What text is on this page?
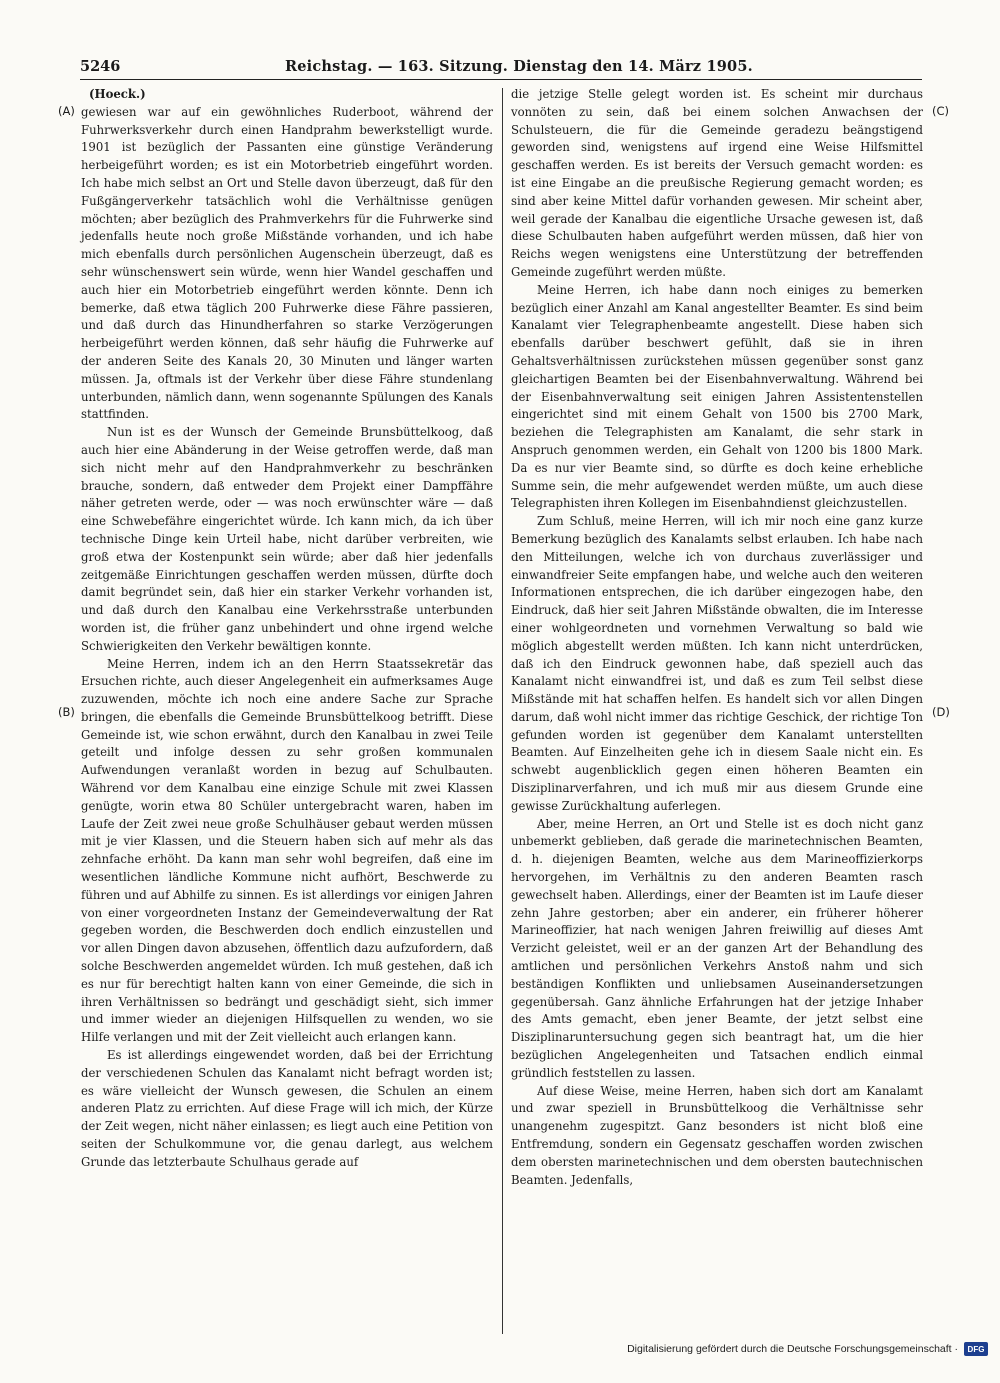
5246	Reichstag. — 163. Sitzung. Dienstag den 14. März 1905.
(A)
(B)
(C)
(D)
(Hoeck.)

gewiesen war auf ein gewöhnliches Ruderboot, während der Fuhrwerksverkehr durch einen Handprahm bewerkstelligt wurde. 1901 ist bezüglich der Passanten eine günstige Veränderung herbeigeführt worden; es ist ein Motorbetrieb eingeführt worden. Ich habe mich selbst an Ort und Stelle davon überzeugt, daß für den Fußgängerverkehr tatsächlich wohl die Verhältnisse genügen möchten; aber bezüglich des Prahmverkehrs für die Fuhrwerke sind jedenfalls heute noch große Mißstände vorhanden, und ich habe mich ebenfalls durch persönlichen Augenschein überzeugt, daß es sehr wünschenswert sein würde, wenn hier Wandel geschaffen und auch hier ein Motorbetrieb eingeführt werden könnte. Denn ich bemerke, daß etwa täglich 200 Fuhrwerke diese Fähre passieren, und daß durch das Hinundherfahren so starke Verzögerungen herbeigeführt werden können, daß sehr häufig die Fuhrwerke auf der anderen Seite des Kanals 20, 30 Minuten und länger warten müssen. Ja, oftmals ist der Verkehr über diese Fähre stundenlang unterbunden, nämlich dann, wenn sogenannte Spülungen des Kanals stattfinden.

Nun ist es der Wunsch der Gemeinde Brunsbüttelkoog, daß auch hier eine Abänderung in der Weise getroffen werde, daß man sich nicht mehr auf den Handprahmverkehr zu beschränken brauche, sondern, daß entweder dem Projekt einer Dampffähre näher getreten werde, oder — was noch erwünschter wäre — daß eine Schwebefähre eingerichtet würde. Ich kann mich, da ich über technische Dinge kein Urteil habe, nicht darüber verbreiten, wie groß etwa der Kostenpunkt sein würde; aber daß hier jedenfalls zeitgemäße Einrichtungen geschaffen werden müssen, dürfte doch damit begründet sein, daß hier ein starker Verkehr vorhanden ist, und daß durch den Kanalbau eine Verkehrsstraße unterbunden worden ist, die früher ganz unbehindert und ohne irgend welche Schwierigkeiten den Verkehr bewältigen konnte.

Meine Herren, indem ich an den Herrn Staatssekretär das Ersuchen richte, auch dieser Angelegenheit ein aufmerksames Auge zuzuwenden, möchte ich noch eine andere Sache zur Sprache bringen, die ebenfalls die Gemeinde Brunsbüttelkoog betrifft. Diese Gemeinde ist, wie schon erwähnt, durch den Kanalbau in zwei Teile geteilt und infolge dessen zu sehr großen kommunalen Aufwendungen veranlaßt worden in bezug auf Schulbauten. Während vor dem Kanalbau eine einzige Schule mit zwei Klassen genügte, worin etwa 80 Schüler untergebracht waren, haben im Laufe der Zeit zwei neue große Schulhäuser gebaut werden müssen mit je vier Klassen, und die Steuern haben sich auf mehr als das zehnfache erhöht. Da kann man sehr wohl begreifen, daß eine im wesentlichen ländliche Kommune nicht aufhört, Beschwerde zu führen und auf Abhilfe zu sinnen. Es ist allerdings vor einigen Jahren von einer vorgeordneten Instanz der Gemeindeverwaltung der Rat gegeben worden, die Beschwerden doch endlich einzustellen und vor allen Dingen davon abzusehen, öffentlich dazu aufzufordern, daß solche Beschwerden angemeldet würden. Ich muß gestehen, daß ich es nur für berechtigt halten kann von einer Gemeinde, die sich in ihren Verhältnissen so bedrängt und geschädigt sieht, sich immer und immer wieder an diejenigen Hilfsquellen zu wenden, wo sie Hilfe verlangen und mit der Zeit vielleicht auch erlangen kann.

Es ist allerdings eingewendet worden, daß bei der Errichtung der verschiedenen Schulen das Kanalamt nicht befragt worden ist; es wäre vielleicht der Wunsch gewesen, die Schulen an einem anderen Platz zu errichten. Auf diese Frage will ich mich, der Kürze der Zeit wegen, nicht näher einlassen; es liegt auch eine Petition von seiten der Schulkommune vor, die genau darlegt, aus welchem Grunde das letzterbaute Schulhaus gerade auf

die jetzige Stelle gelegt worden ist. Es scheint mir durchaus vonnöten zu sein, daß bei einem solchen Anwachsen der Schulsteuern, die für die Gemeinde geradezu beängstigend geworden sind, wenigstens auf irgend eine Weise Hilfsmittel geschaffen werden. Es ist bereits der Versuch gemacht worden: es ist eine Eingabe an die preußische Regierung gemacht worden; es sind aber keine Mittel dafür vorhanden gewesen. Mir scheint aber, weil gerade der Kanalbau die eigentliche Ursache gewesen ist, daß diese Schulbauten haben aufgeführt werden müssen, daß hier von Reichs wegen wenigstens eine Unterstützung der betreffenden Gemeinde zugeführt werden müßte.

Meine Herren, ich habe dann noch einiges zu bemerken bezüglich einer Anzahl am Kanal angestellter Beamter. Es sind beim Kanalamt vier Telegraphenbeamte angestellt. Diese haben sich ebenfalls darüber beschwert gefühlt, daß sie in ihren Gehaltsverhältnissen zurückstehen müssen gegenüber sonst ganz gleichartigen Beamten bei der Eisenbahnverwaltung. Während bei der Eisenbahnverwaltung seit einigen Jahren Assistentenstellen eingerichtet sind mit einem Gehalt von 1500 bis 2700 Mark, beziehen die Telegraphisten am Kanalamt, die sehr stark in Anspruch genommen werden, ein Gehalt von 1200 bis 1800 Mark. Da es nur vier Beamte sind, so dürfte es doch keine erhebliche Summe sein, die mehr aufgewendet werden müßte, um auch diese Telegraphisten ihren Kollegen im Eisenbahndienst gleichzustellen.

Zum Schluß, meine Herren, will ich mir noch eine ganz kurze Bemerkung bezüglich des Kanalamts selbst erlauben. Ich habe nach den Mitteilungen, welche ich von durchaus zuverlässiger und einwandfreier Seite empfangen habe, und welche auch den weiteren Informationen entsprechen, die ich darüber eingezogen habe, den Eindruck, daß hier seit Jahren Mißstände obwalten, die im Interesse einer wohlgeordneten und vornehmen Verwaltung so bald wie möglich abgestellt werden müßten. Ich kann nicht unterdrücken, daß ich den Eindruck gewonnen habe, daß speziell auch das Kanalamt nicht einwandfrei ist, und daß es zum Teil selbst diese Mißstände mit hat schaffen helfen. Es handelt sich vor allen Dingen darum, daß wohl nicht immer das richtige Geschick, der richtige Ton gefunden worden ist gegenüber dem Kanalamt unterstellten Beamten. Auf Einzelheiten gehe ich in diesem Saale nicht ein. Es schwebt augenblicklich gegen einen höheren Beamten ein Disziplinarverfahren, und ich muß mir aus diesem Grunde eine gewisse Zurückhaltung auferlegen.

Aber, meine Herren, an Ort und Stelle ist es doch nicht ganz unbemerkt geblieben, daß gerade die marinetechnischen Beamten, d. h. diejenigen Beamten, welche aus dem Marineoffizierkorps hervorgehen, im Verhältnis zu den anderen Beamten rasch gewechselt haben. Allerdings, einer der Beamten ist im Laufe dieser zehn Jahre gestorben; aber ein anderer, ein früherer höherer Marineoffizier, hat nach wenigen Jahren freiwillig auf dieses Amt Verzicht geleistet, weil er an der ganzen Art der Behandlung des amtlichen und persönlichen Verkehrs Anstoß nahm und sich beständigen Konflikten und unliebsamen Auseinandersetzungen gegenübersah. Ganz ähnliche Erfahrungen hat der jetzige Inhaber des Amts gemacht, eben jener Beamte, der jetzt selbst eine Disziplinaruntersuchung gegen sich beantragt hat, um die hier bezüglichen Angelegenheiten und Tatsachen endlich einmal gründlich feststellen zu lassen.

Auf diese Weise, meine Herren, haben sich dort am Kanalamt und zwar speziell in Brunsbüttelkoog die Verhältnisse sehr unangenehm zugespitzt. Ganz besonders ist nicht bloß eine Entfremdung, sondern ein Gegensatz geschaffen worden zwischen dem obersten marinetechnischen und dem obersten bautechnischen Beamten. Jedenfalls,

Digitalisierung gefördert durch die Deutsche Forschungsgemeinschaft · DFG
